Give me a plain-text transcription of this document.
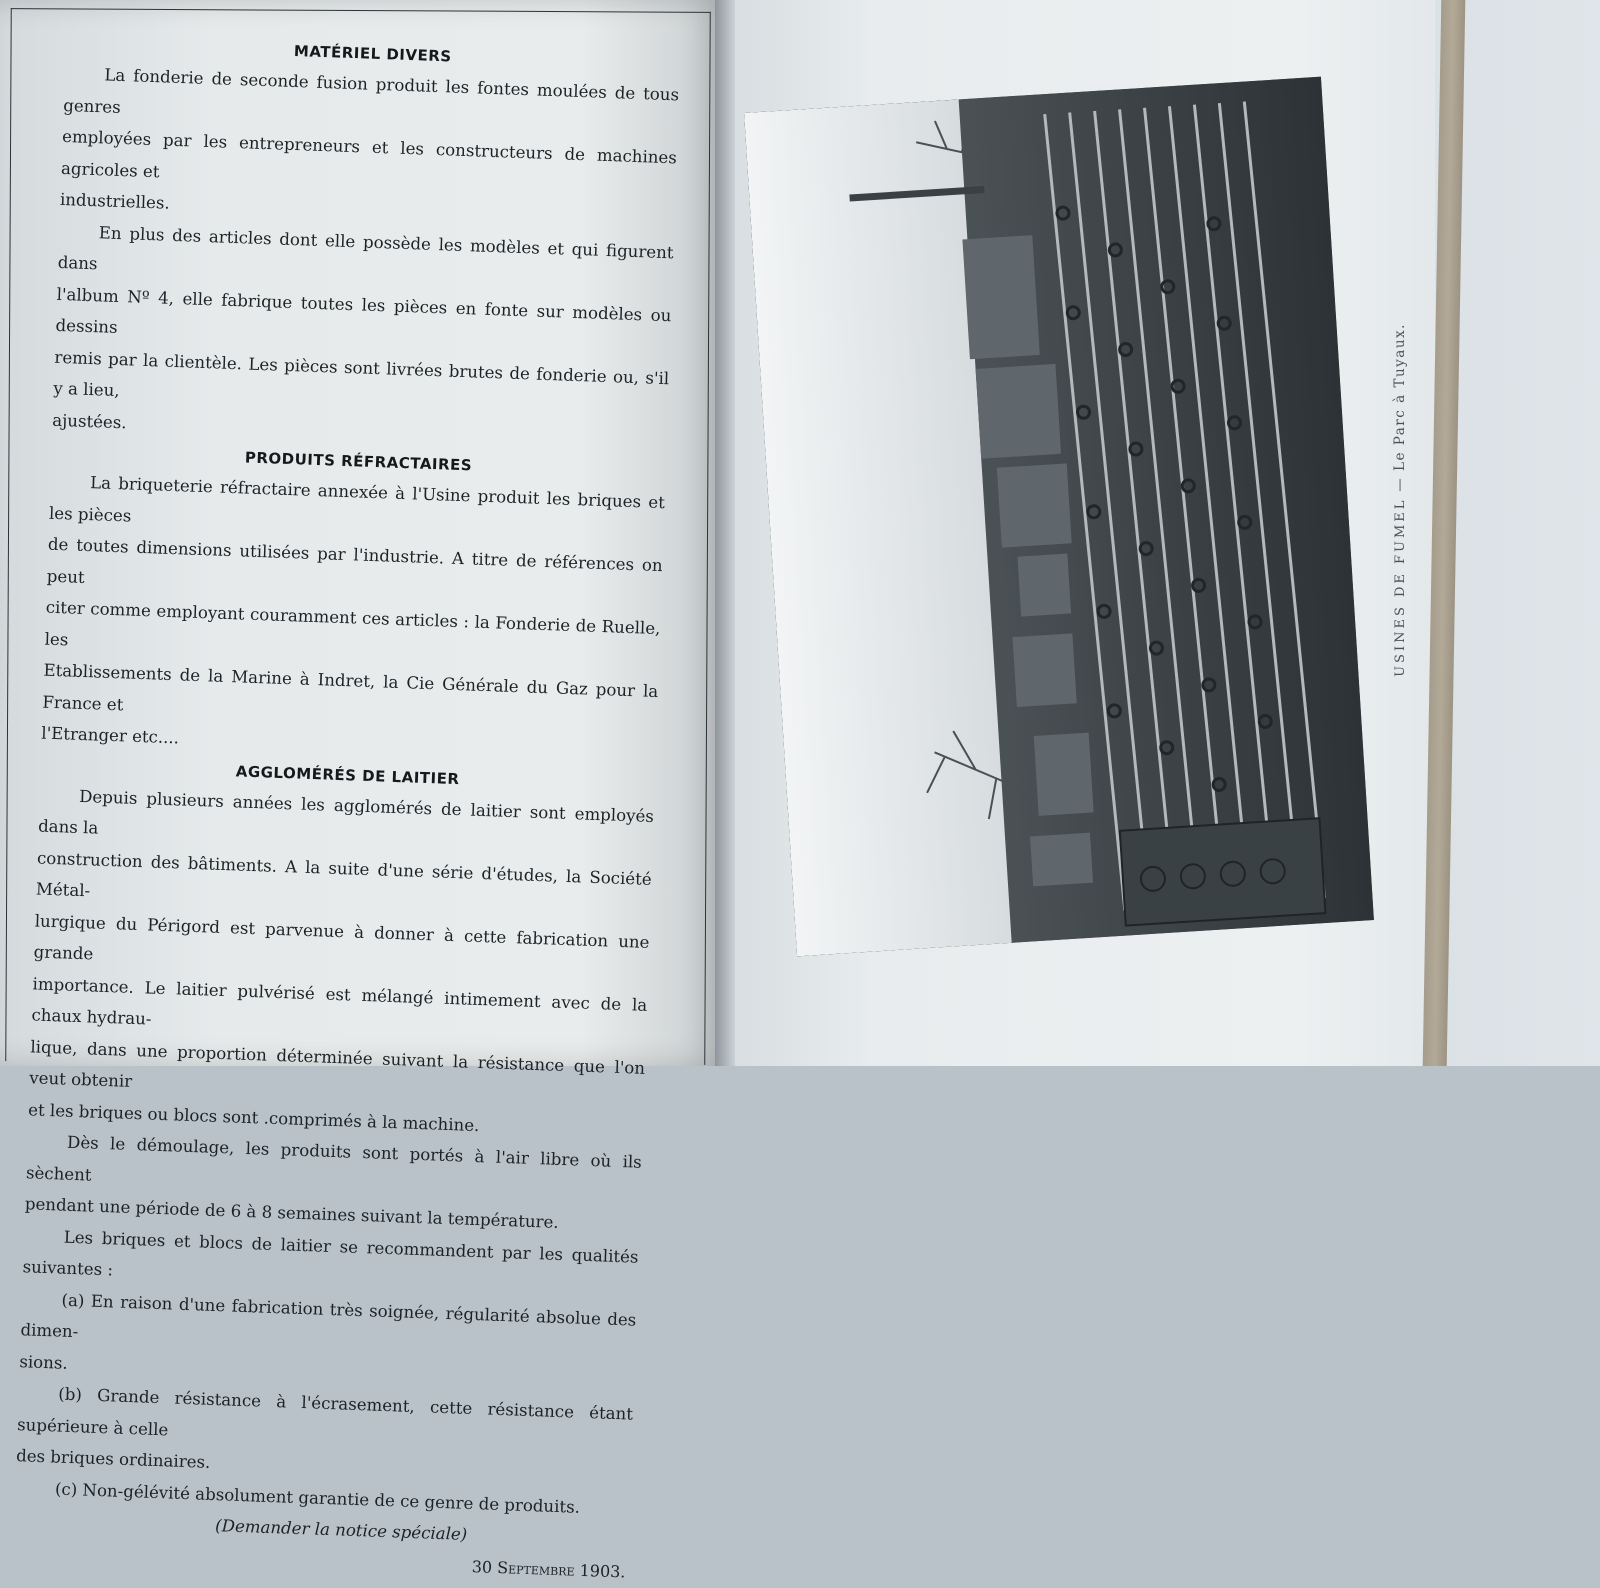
MATÉRIEL DIVERS

La fonderie de seconde fusion produit les fontes moulées de tous genres
employées par les entrepreneurs et les constructeurs de machines agricoles et
industrielles.

En plus des articles dont elle possède les modèles et qui figurent dans
l'album Nº 4, elle fabrique toutes les pièces en fonte sur modèles ou dessins
remis par la clientèle. Les pièces sont livrées brutes de fonderie ou, s'il y a lieu,
ajustées.

PRODUITS RÉFRACTAIRES

La briqueterie réfractaire annexée à l'Usine produit les briques et les pièces
de toutes dimensions utilisées par l'industrie. A titre de références on peut
citer comme employant couramment ces articles : la Fonderie de Ruelle, les
Etablissements de la Marine à Indret, la Cie Générale du Gaz pour la France et
l'Etranger etc....

AGGLOMÉRÉS DE LAITIER

Depuis plusieurs années les agglomérés de laitier sont employés dans la
construction des bâtiments. A la suite d'une série d'études, la Société Métal-
lurgique du Périgord est parvenue à donner à cette fabrication une grande
importance. Le laitier pulvérisé est mélangé intimement avec de la chaux hydrau-
lique, dans une proportion déterminée suivant la résistance que l'on veut obtenir
et les briques ou blocs sont .comprimés à la machine.

Dès le démoulage, les produits sont portés à l'air libre où ils sèchent
pendant une période de 6 à 8 semaines suivant la température.

Les briques et blocs de laitier se recommandent par les qualités suivantes :

(a) En raison d'une fabrication très soignée, régularité absolue des dimen-
sions.

(b) Grande résistance à l'écrasement, cette résistance étant supérieure à celle
des briques ordinaires.

(c) Non-gélévité absolument garantie de ce genre de produits.

(Demander la notice spéciale)

30 Septembre 1903.

USINES DE FUMEL — Le Parc à Tuyaux.
